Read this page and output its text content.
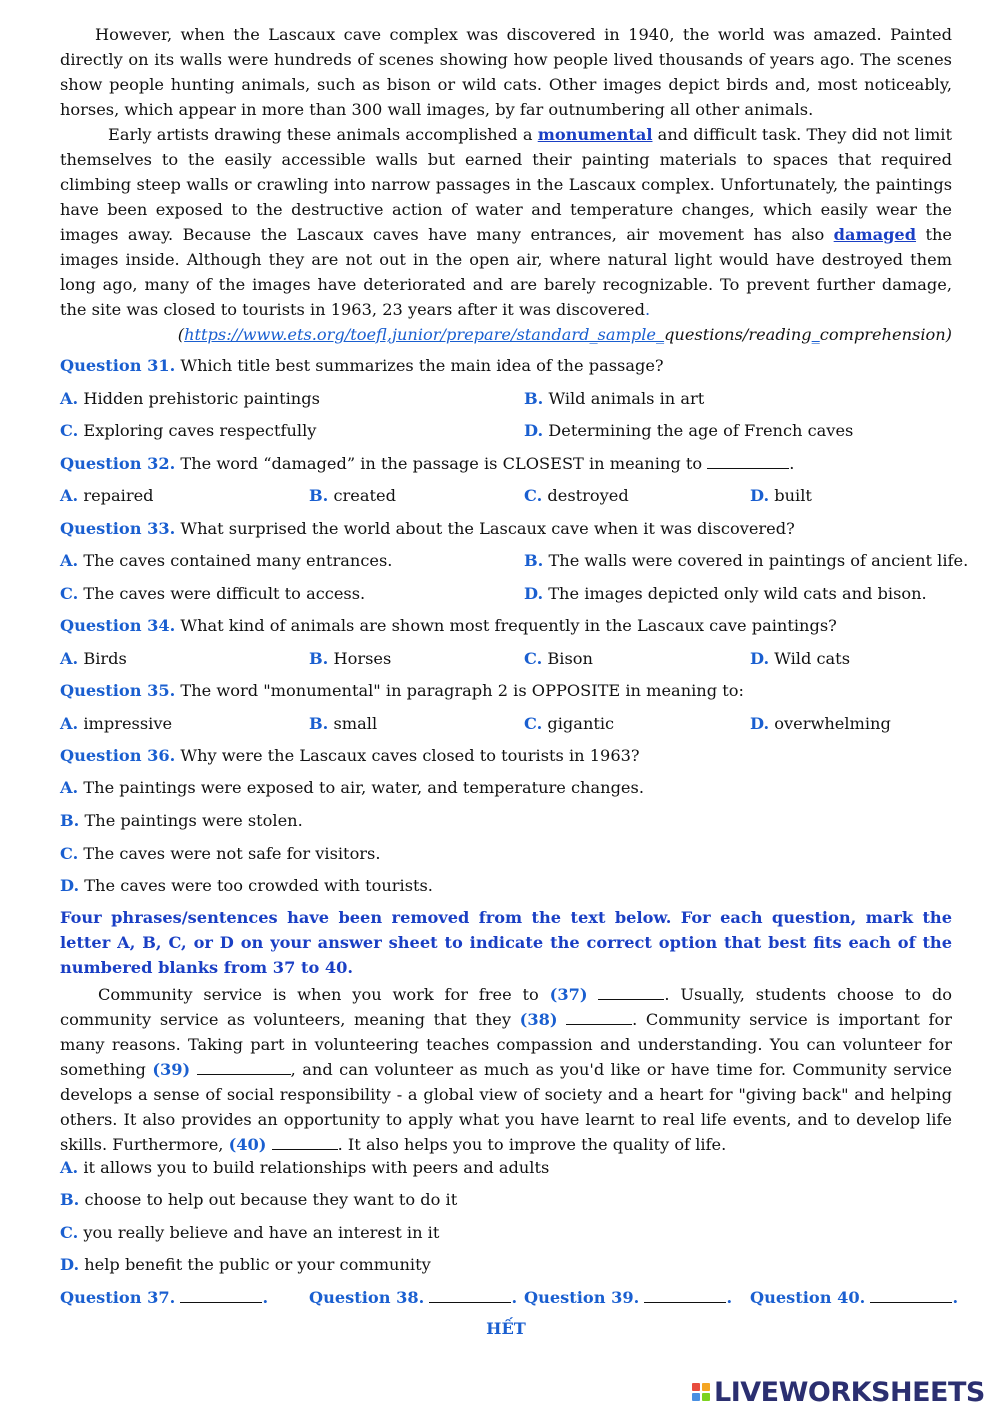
However, when the Lascaux cave complex was discovered in 1940, the world was amazed. Painted directly on its walls were hundreds of scenes showing how people lived thousands of years ago. The scenes show people hunting animals, such as bison or wild cats. Other images depict birds and, most noticeably, horses, which appear in more than 300 wall images, by far outnumbering all other animals.

Early artists drawing these animals accomplished a monumental and difficult task. They did not limit themselves to the easily accessible walls but earned their painting materials to spaces that required climbing steep walls or crawling into narrow passages in the Lascaux complex. Unfortunately, the paintings have been exposed to the destructive action of water and temperature changes, which easily wear the images away. Because the Lascaux caves have many entrances, air movement has also damaged the images inside. Although they are not out in the open air, where natural light would have destroyed them long ago, many of the images have deteriorated and are barely recognizable. To prevent further damage, the site was closed to tourists in 1963, 23 years after it was discovered.

(https://www.ets.org/toefl,junior/prepare/standard_sample_questions/reading_comprehension)

Question 31. Which title best summarizes the main idea of the passage?
A. Hidden prehistoric paintings	B. Wild animals in art
C. Exploring caves respectfully	D. Determining the age of French caves
Question 32. The word “damaged” in the passage is CLOSEST in meaning to	.
A. repaired	B. created	C. destroyed	D. built
Question 33. What surprised the world about the Lascaux cave when it was discovered?
A. The caves contained many entrances.	B. The walls were covered in paintings of ancient life.
C. The caves were difficult to access.	D. The images depicted only wild cats and bison.
Question 34. What kind of animals are shown most frequently in the Lascaux cave paintings?
A. Birds	B. Horses	C. Bison	D. Wild cats
Question 35. The word "monumental" in paragraph 2 is OPPOSITE in meaning to:
A. impressive	B. small	C. gigantic	D. overwhelming
Question 36. Why were the Lascaux caves closed to tourists in 1963?
A. The paintings were exposed to air, water, and temperature changes.
B. The paintings were stolen.
C. The caves were not safe for visitors.
D. The caves were too crowded with tourists.

Four phrases/sentences have been removed from the text below. For each question, mark the letter A, B, C, or D on your answer sheet to indicate the correct option that best fits each of the numbered blanks from 37 to 40.

Community service is when you work for free to (37)	. Usually, students choose to do community service as volunteers, meaning that they (38)	. Community service is important for many reasons. Taking part in volunteering teaches compassion and understanding. You can volunteer for something (39)	, and can volunteer as much as you'd like or have time for. Community service develops a sense of social responsibility - a global view of society and a heart for "giving back" and helping others. It also provides an opportunity to apply what you have learnt to real life events, and to develop life skills. Furthermore, (40)	. It also helps you to improve the quality of life.

A. it allows you to build relationships with peers and adults
B. choose to help out because they want to do it
C. you really believe and have an interest in it
D. help benefit the public or your community
Question 37.	.	Question 38.	. Question 39.	. Question 40.	.
HẾT
LIVEWORKSHEETS
